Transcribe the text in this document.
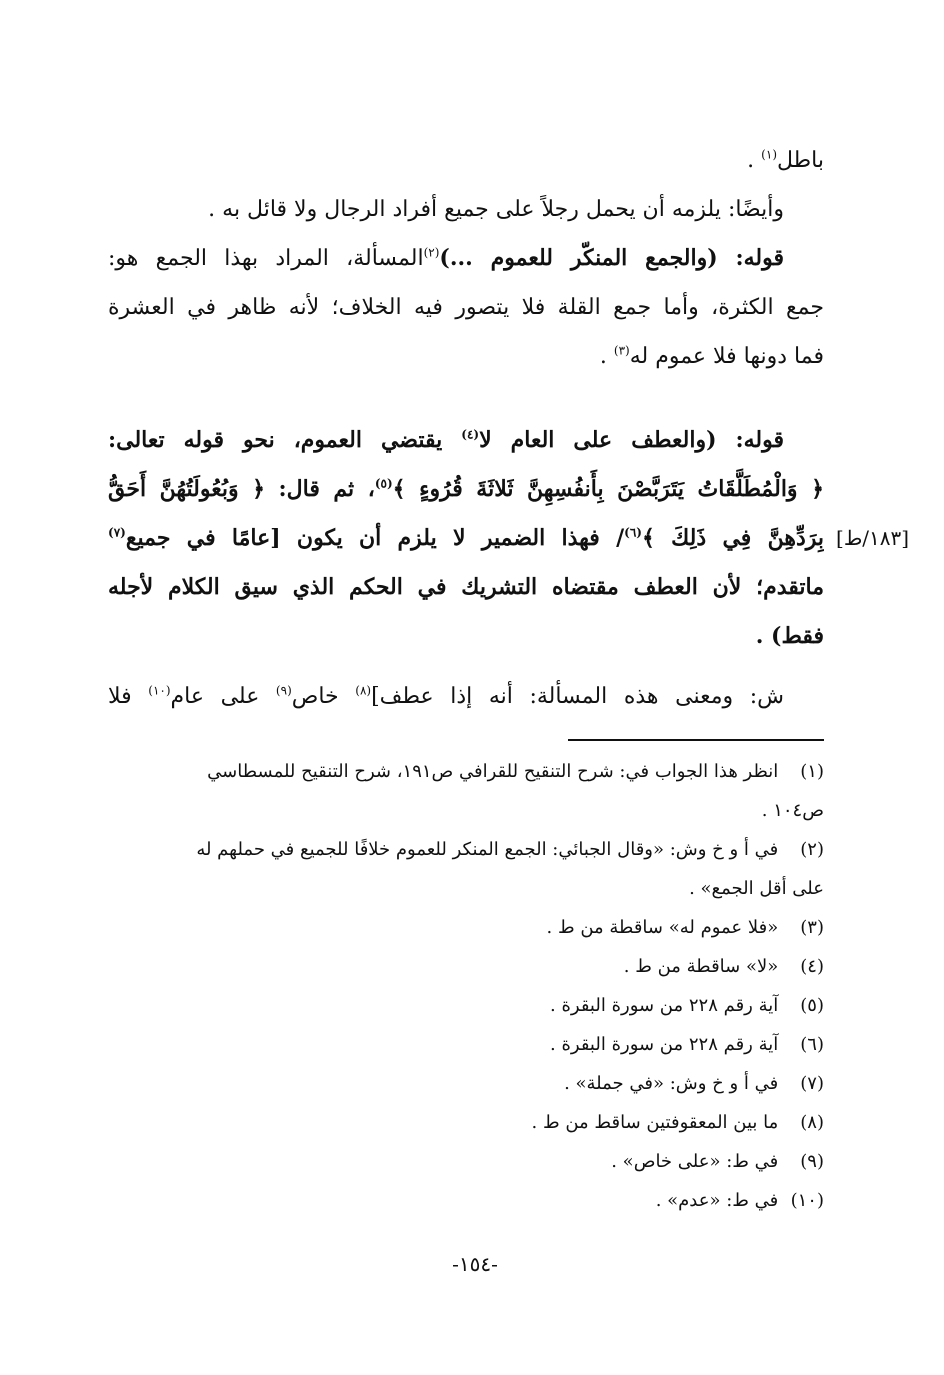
باطل$^{(١)}$ .
وأيضًا: يلزمه أن يحمل رجلاً على جميع أفراد الرجال ولا قائل به .
قوله: (والجمع المنكّر للعموم ...)$^{(٢)}$المسألة، المراد بهذا الجمع هو:
جمع الكثرة، وأما جمع القلة فلا يتصور فيه الخلاف؛ لأنه ظاهر في العشرة
فما دونها فلا عموم له$^{(٣)}$ .
قوله: (والعطف على العام لا$^{(٤)}$ يقتضي العموم، نحو قوله تعالى:
﴿ وَالْمُطَلَّقَاتُ يَتَرَبَّصْنَ بِأَنفُسِهِنَّ ثَلاثَةَ قُرُوءٍ ﴾$^{(٥)}$، ثم قال: ﴿ وَبُعُولَتُهُنَّ أَحَقُّ
بِرَدِّهِنَّ فِي ذَلِكَ ﴾$^{(٦)}$/ فهذا الضمير لا يلزم أن يكون [عامًا في جميع$^{(٧)}$
ماتقدم؛ لأن العطف مقتضاه التشريك في الحكم الذي سيق الكلام لأجله
فقط) .
ش: ومعنى هذه المسألة: أنه إذا عطف]$^{(٨)}$ خاص$^{(٩)}$ على عام$^{(١٠)}$ فلا
[١٨٣/ط]
(١) انظر هذا الجواب في: شرح التنقيح للقرافي ص١٩١، شرح التنقيح للمسطاسي
ص١٠٤ .
(٢) في أ و خ وش: «وقال الجبائي: الجمع المنكر للعموم خلافًا للجميع في حملهم له
على أقل الجمع» .
(٣) «فلا عموم له» ساقطة من ط .
(٤) «لا» ساقطة من ط .
(٥) آية رقم ٢٢٨ من سورة البقرة .
(٦) آية رقم ٢٢٨ من سورة البقرة .
(٧) في أ و خ وش: «في جملة» .
(٨) ما بين المعقوفتين ساقط من ط .
(٩) في ط: «على خاص» .
(١٠) في ط: «عدم» .
-١٥٤-
